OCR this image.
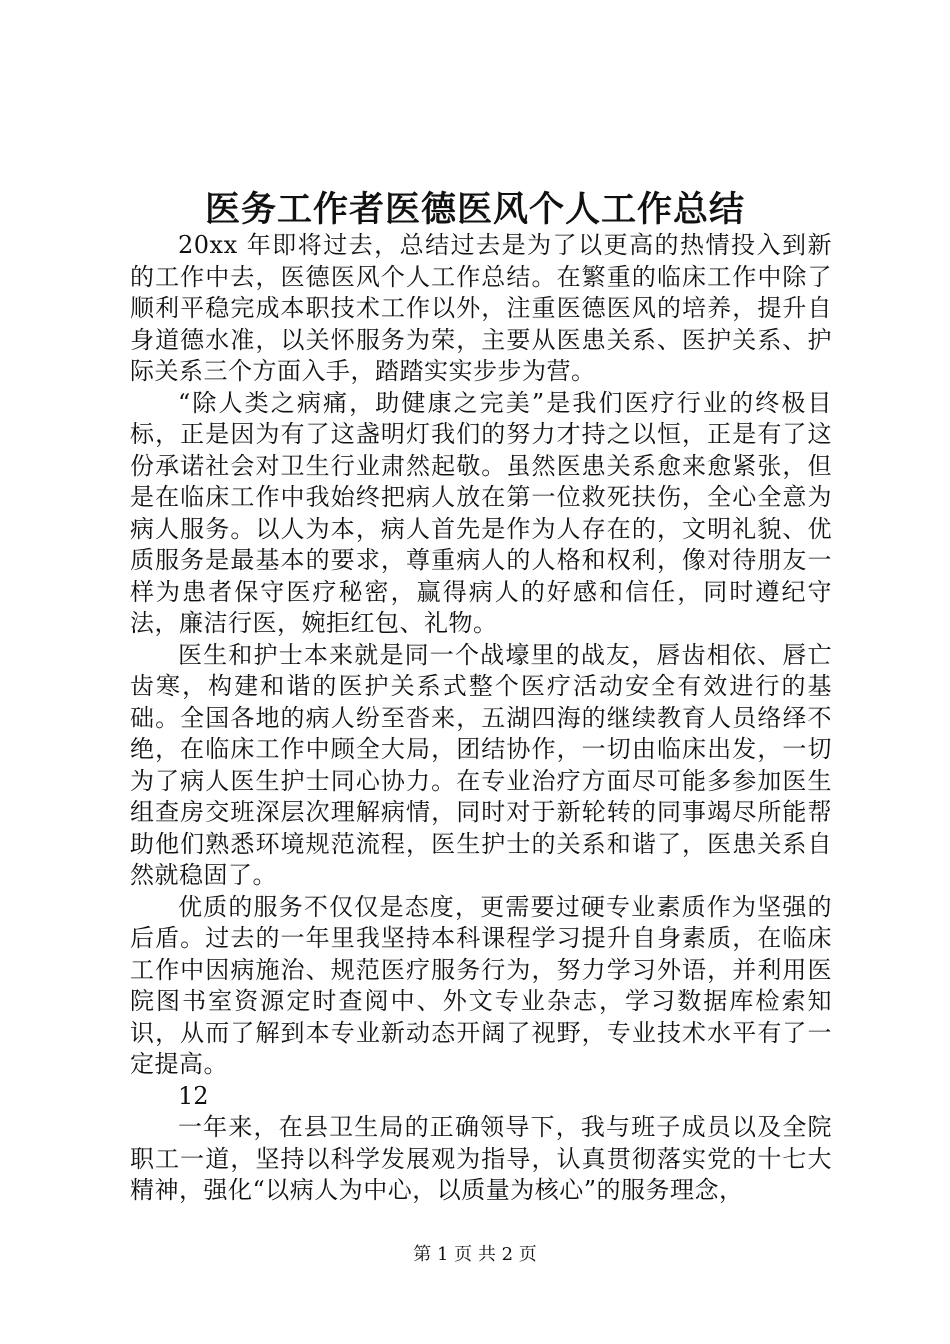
医务工作者医德医风个人工作总结

20xx 年即将过去，总结过去是为了以更高的热情投入到新的工作中去，医德医风个人工作总结。在繁重的临床工作中除了顺利平稳完成本职技术工作以外，注重医德医风的培养，提升自身道德水准，以关怀服务为荣，主要从医患关系、医护关系、护际关系三个方面入手，踏踏实实步步为营。

“除人类之病痛，助健康之完美”是我们医疗行业的终极目标，正是因为有了这盏明灯我们的努力才持之以恒，正是有了这份承诺社会对卫生行业肃然起敬。虽然医患关系愈来愈紧张，但是在临床工作中我始终把病人放在第一位救死扶伤，全心全意为病人服务。以人为本，病人首先是作为人存在的，文明礼貌、优质服务是最基本的要求，尊重病人的人格和权利，像对待朋友一样为患者保守医疗秘密，赢得病人的好感和信任，同时遵纪守法，廉洁行医，婉拒红包、礼物。

医生和护士本来就是同一个战壕里的战友，唇齿相依、唇亡齿寒，构建和谐的医护关系式整个医疗活动安全有效进行的基础。全国各地的病人纷至沓来，五湖四海的继续教育人员络绎不绝，在临床工作中顾全大局，团结协作，一切由临床出发，一切为了病人医生护士同心协力。在专业治疗方面尽可能多参加医生组查房交班深层次理解病情，同时对于新轮转的同事竭尽所能帮助他们熟悉环境规范流程，医生护士的关系和谐了，医患关系自然就稳固了。

优质的服务不仅仅是态度，更需要过硬专业素质作为坚强的后盾。过去的一年里我坚持本科课程学习提升自身素质，在临床工作中因病施治、规范医疗服务行为，努力学习外语，并利用医院图书室资源定时查阅中、外文专业杂志，学习数据库检索知识，从而了解到本专业新动态开阔了视野，专业技术水平有了一定提高。

12

一年来，在县卫生局的正确领导下，我与班子成员以及全院职工一道，坚持以科学发展观为指导，认真贯彻落实党的十七大精神，强化“以病人为中心，以质量为核心”的服务理念，

第 1 页 共 2 页
